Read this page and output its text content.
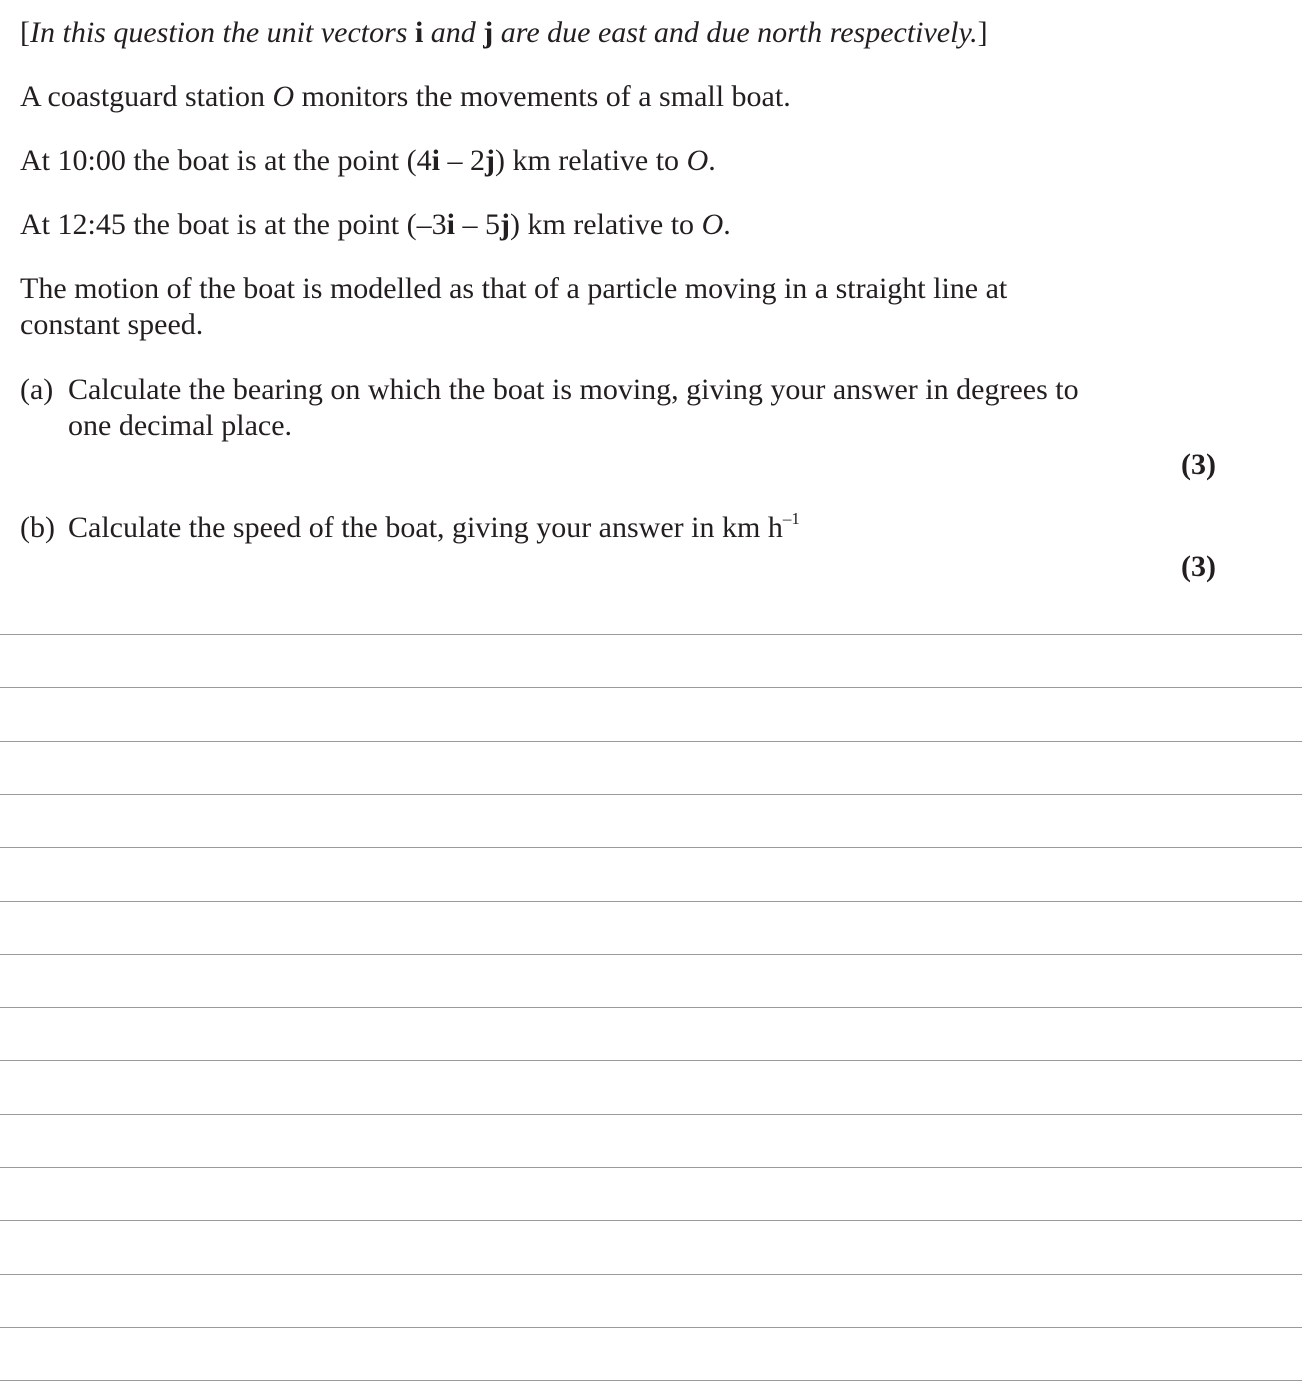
[In this question the unit vectors i and j are due east and due north respectively.]
A coastguard station O monitors the movements of a small boat.
At 10:00 the boat is at the point (4i – 2j) km relative to O.
At 12:45 the boat is at the point (–3i – 5j) km relative to O.
The motion of the boat is modelled as that of a particle moving in a straight line at
constant speed.
(a) Calculate the bearing on which the boat is moving, giving your answer in degrees to
one decimal place.
(3)
(b) Calculate the speed of the boat, giving your answer in km $h^{-1}$
(3)
